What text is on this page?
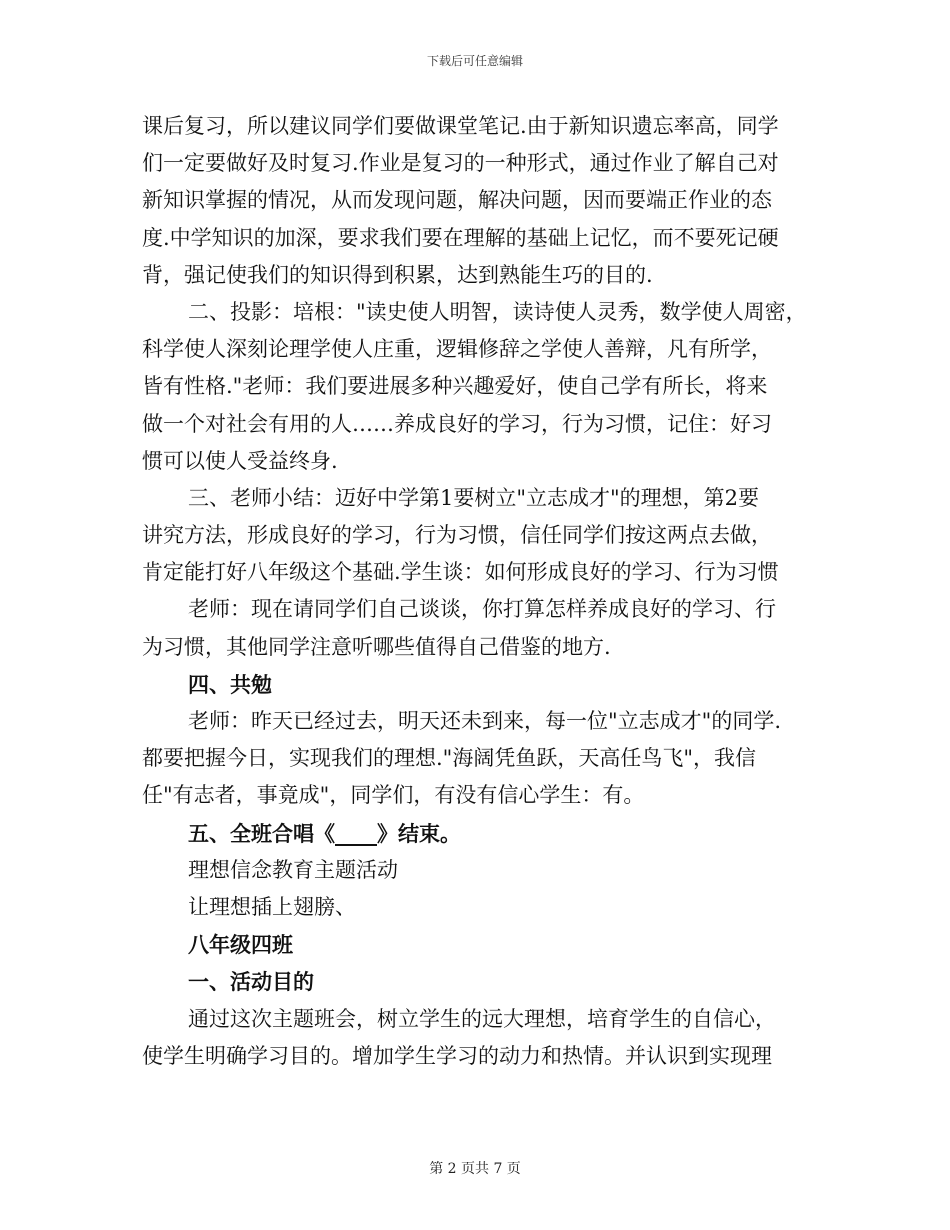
下载后可任意编辑
课后复习，所以建议同学们要做课堂笔记.由于新知识遗忘率高，同学
们一定要做好及时复习.作业是复习的一种形式，通过作业了解自己对
新知识掌握的情况，从而发现问题，解决问题，因而要端正作业的态
度.中学知识的加深，要求我们要在理解的基础上记忆，而不要死记硬
背，强记使我们的知识得到积累，达到熟能生巧的目的.
二、投影：培根："读史使人明智，读诗使人灵秀，数学使人周密，
科学使人深刻论理学使人庄重，逻辑修辞之学使人善辩，凡有所学，
皆有性格."老师：我们要进展多种兴趣爱好，使自己学有所长，将来
做一个对社会有用的人……养成良好的学习，行为习惯，记住：好习
惯可以使人受益终身.
三、老师小结：迈好中学第1要树立"立志成才"的理想，第2要
讲究方法，形成良好的学习，行为习惯，信任同学们按这两点去做，
肯定能打好八年级这个基础.学生谈：如何形成良好的学习、行为习惯
老师：现在请同学们自己谈谈，你打算怎样养成良好的学习、行
为习惯，其他同学注意听哪些值得自己借鉴的地方.
四、共勉
老师：昨天已经过去，明天还未到来，每一位"立志成才"的同学.
都要把握今日，实现我们的理想."海阔凭鱼跃，天高任鸟飞"，我信
任"有志者，事竟成"，同学们，有没有信心学生：有。
五、全班合唱《____》结束。
理想信念教育主题活动
让理想插上翅膀、
八年级四班
一、活动目的
通过这次主题班会，树立学生的远大理想，培育学生的自信心，
使学生明确学习目的。增加学生学习的动力和热情。并认识到实现理
第 2 页共 7 页
